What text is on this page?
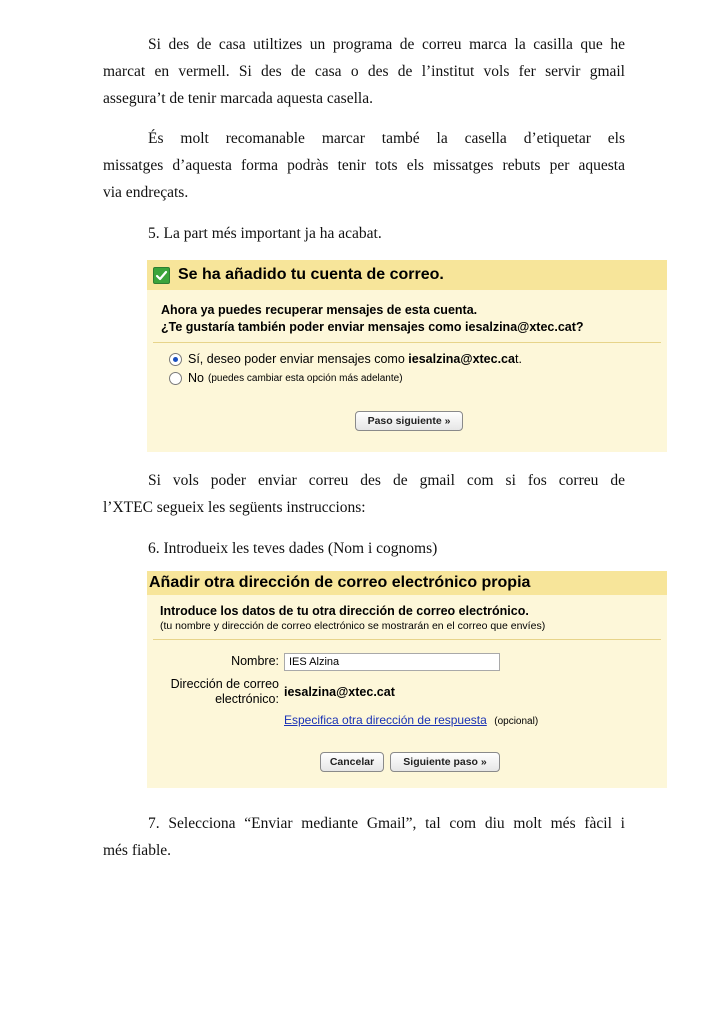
Si des de casa utiltizes un programa de correu marca la casilla que he
marcat en vermell. Si des de casa o des de l’institut vols fer servir gmail
assegura’t de tenir marcada aquesta casella.
És molt recomanable marcar també la casella d’etiquetar els
missatges d’aquesta forma podràs tenir tots els missatges rebuts per aquesta
via endreçats.

5. La part més important ja ha acabat.

Se ha añadido tu cuenta de correo.
Ahora ya puedes recuperar mensajes de esta cuenta.
¿Te gustaría también poder enviar mensajes como iesalzina@xtec.cat?
Sí, deseo poder enviar mensajes como iesalzina@xtec.ca t.
No (puedes cambiar esta opción más adelante)
Paso siguiente »
Si vols poder enviar correu des de gmail com si fos correu de
l’XTEC segueix les següents instruccions:

6. Introdueix les teves dades (Nom i cognoms)

Añadir otra dirección de correo electrónico propia
Introduce los datos de tu otra dirección de correo electrónico.
(tu nombre y dirección de correo electrónico se mostrarán en el correo que envíes)
Nombre:
IES Alzina
Dirección de correo
electrónico: iesalzina@xtec.cat
Especifica otra dirección de respuesta (opcional)
Cancelar	Siguiente paso »
7. Selecciona “Enviar mediante Gmail”, tal com diu molt més fàcil i
més fiable.
